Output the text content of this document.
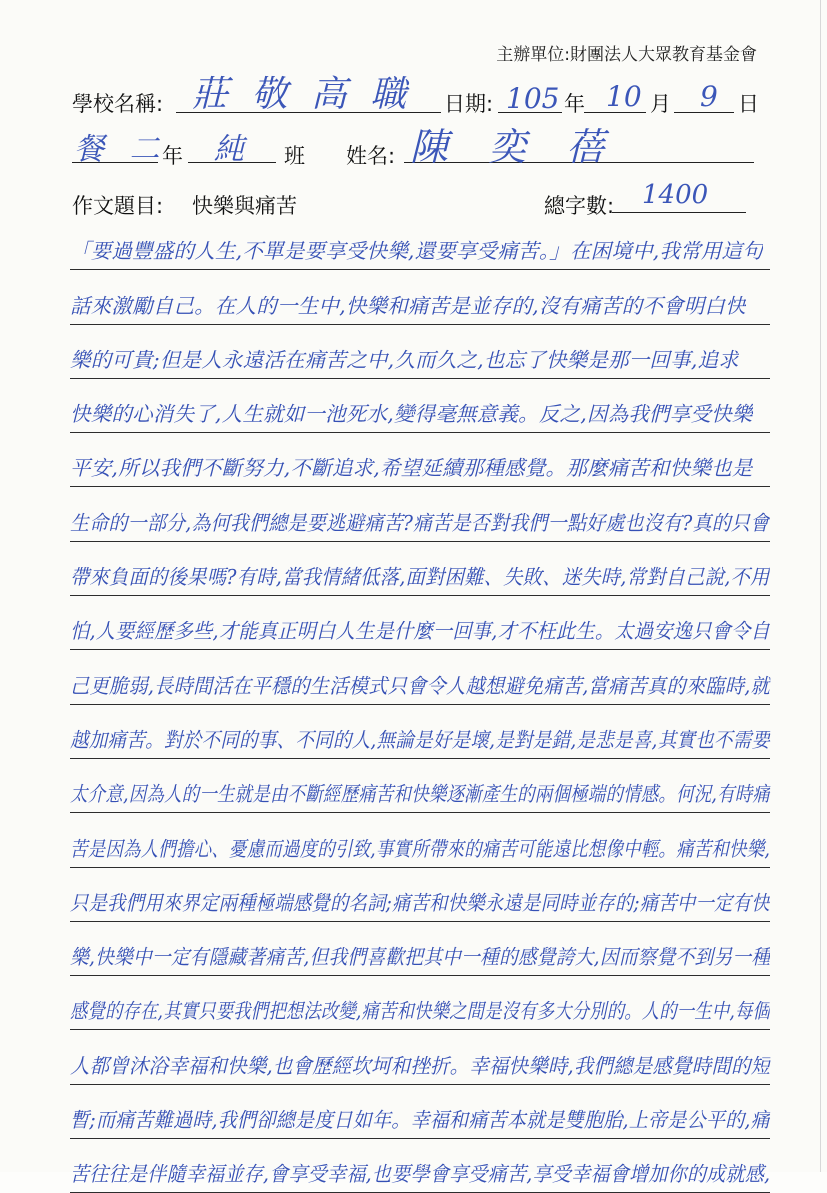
主辦單位:財團法人大眾教育基金會
學校名稱: 莊 敬 高 職 日期: 105 年 10 月 9 日
餐 二
年 純 班 姓名: 陳 奕 蓓
作文題目: 快樂與痛苦	總字數: 1400
「要過豐盛的人生,不單是要享受快樂,還要享受痛苦。」在困境中,我常用這句
話來激勵自己。在人的一生中,快樂和痛苦是並存的,沒有痛苦的不會明白快
樂的可貴;但是人永遠活在痛苦之中,久而久之,也忘了快樂是那一回事,追求
快樂的心消失了,人生就如一池死水,變得毫無意義。反之,因為我們享受快樂
平安,所以我們不斷努力,不斷追求,希望延續那種感覺。那麼痛苦和快樂也是
生命的一部分,為何我們總是要逃避痛苦?痛苦是否對我們一點好處也沒有?真的只會
帶來負面的後果嗎?有時,當我情緒低落,面對困難、失敗、迷失時,常對自己說,不用
怕,人要經歷多些,才能真正明白人生是什麼一回事,才不枉此生。太過安逸只會令自
己更脆弱,長時間活在平穩的生活模式只會令人越想避免痛苦,當痛苦真的來臨時,就
越加痛苦。對於不同的事、不同的人,無論是好是壞,是對是錯,是悲是喜,其實也不需要
太介意,因為人的一生就是由不斷經歷痛苦和快樂逐漸產生的兩個極端的情感。何況,有時痛
苦是因為人們擔心、憂慮而過度的引致,事實所帶來的痛苦可能遠比想像中輕。痛苦和快樂,
只是我們用來界定兩種極端感覺的名詞;痛苦和快樂永遠是同時並存的;痛苦中一定有快
樂,快樂中一定有隱藏著痛苦,但我們喜歡把其中一種的感覺誇大,因而察覺不到另一種
感覺的存在,其實只要我們把想法改變,痛苦和快樂之間是沒有多大分別的。人的一生中,每個
人都曾沐浴幸福和快樂,也會歷經坎坷和挫折。幸福快樂時,我們總是感覺時間的短
暫;而痛苦難過時,我們卻總是度日如年。幸福和痛苦本就是雙胞胎,上帝是公平的,痛
苦往往是伴隨幸福並存,會享受幸福,也要學會享受痛苦,享受幸福會增加你的成就感,
